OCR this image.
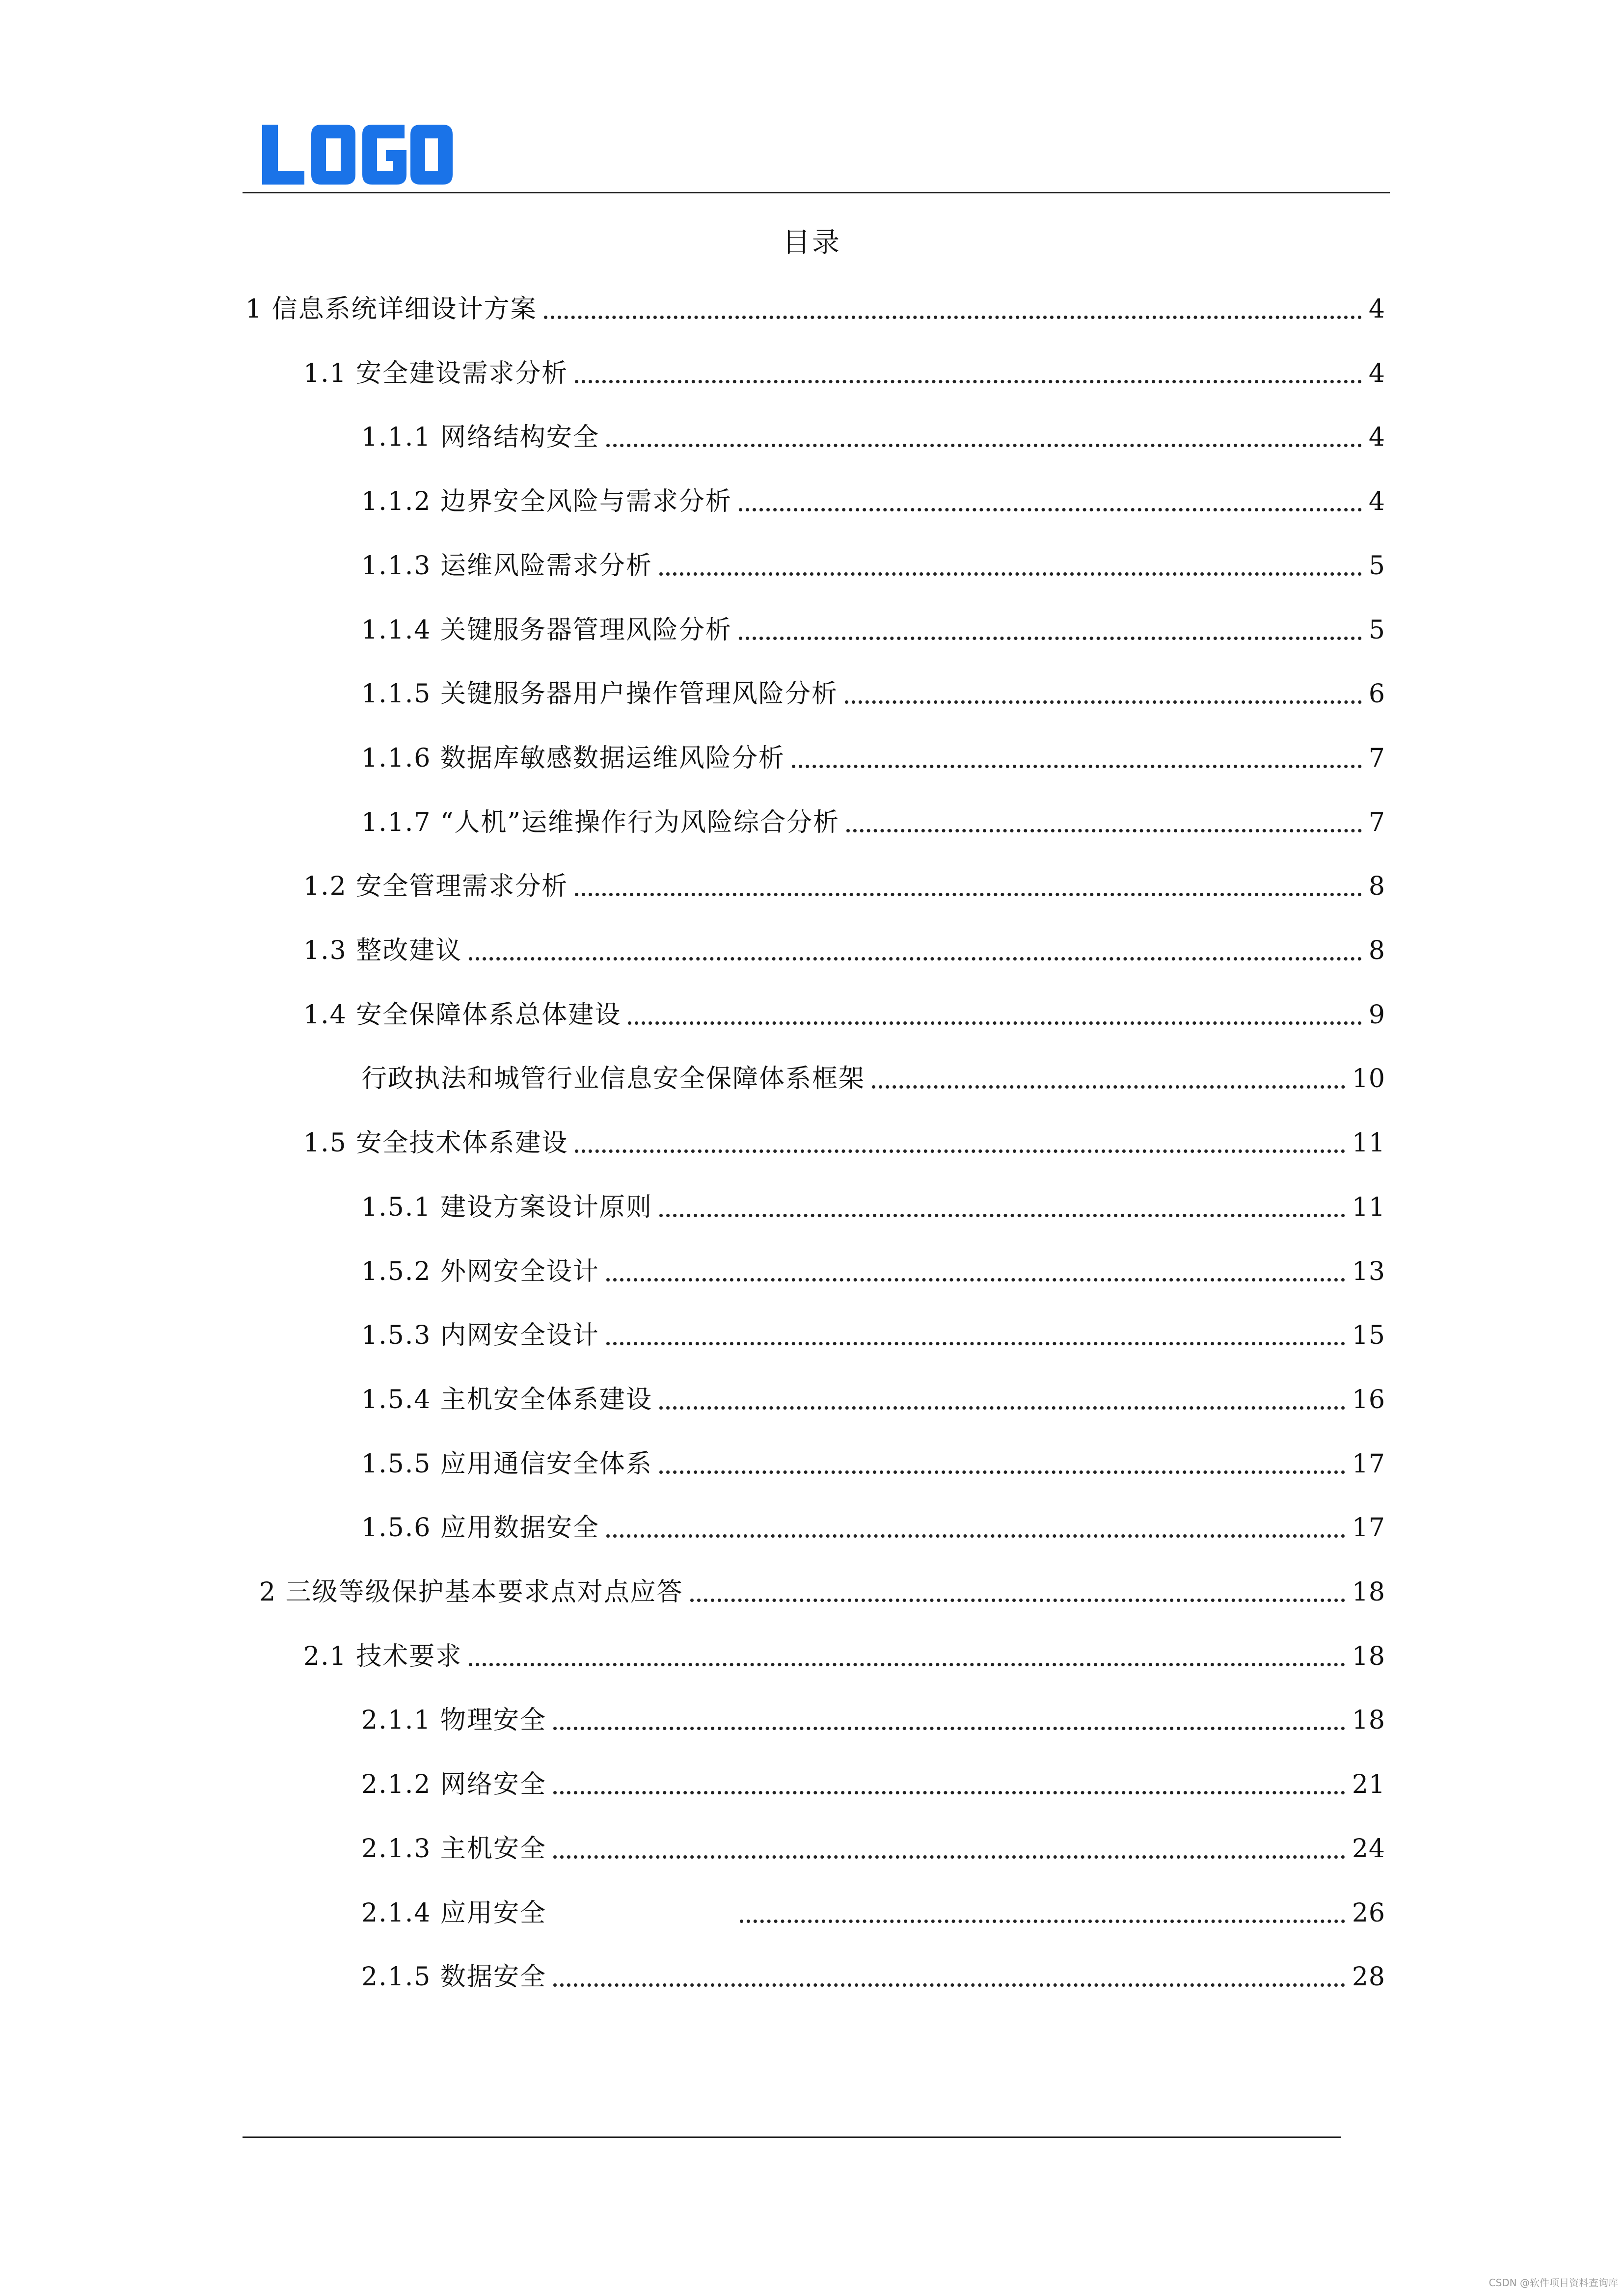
目录
1 信息系统详细设计方案	4
1.1 安全建设需求分析	4
1.1.1 网络结构安全	4
1.1.2 边界安全风险与需求分析	4
1.1.3 运维风险需求分析	5
1.1.4 关键服务器管理风险分析	5
1.1.5 关键服务器用户操作管理风险分析	6
1.1.6 数据库敏感数据运维风险分析	7
1.1.7 “人机”运维操作行为风险综合分析	7
1.2 安全管理需求分析	8
1.3 整改建议	8
1.4 安全保障体系总体建设	9
行政执法和城管行业信息安全保障体系框架	10
1.5 安全技术体系建设	11
1.5.1 建设方案设计原则	11
1.5.2 外网安全设计	13
1.5.3 内网安全设计	15
1.5.4 主机安全体系建设	16
1.5.5 应用通信安全体系	17
1.5.6 应用数据安全	17
2 三级等级保护基本要求点对点应答	18
2.1 技术要求	18
2.1.1 物理安全	18
2.1.2 网络安全	21
2.1.3 主机安全	24
2.1.4 应用安全	26
2.1.5 数据安全	28
CSDN @软件项目资料查询库
